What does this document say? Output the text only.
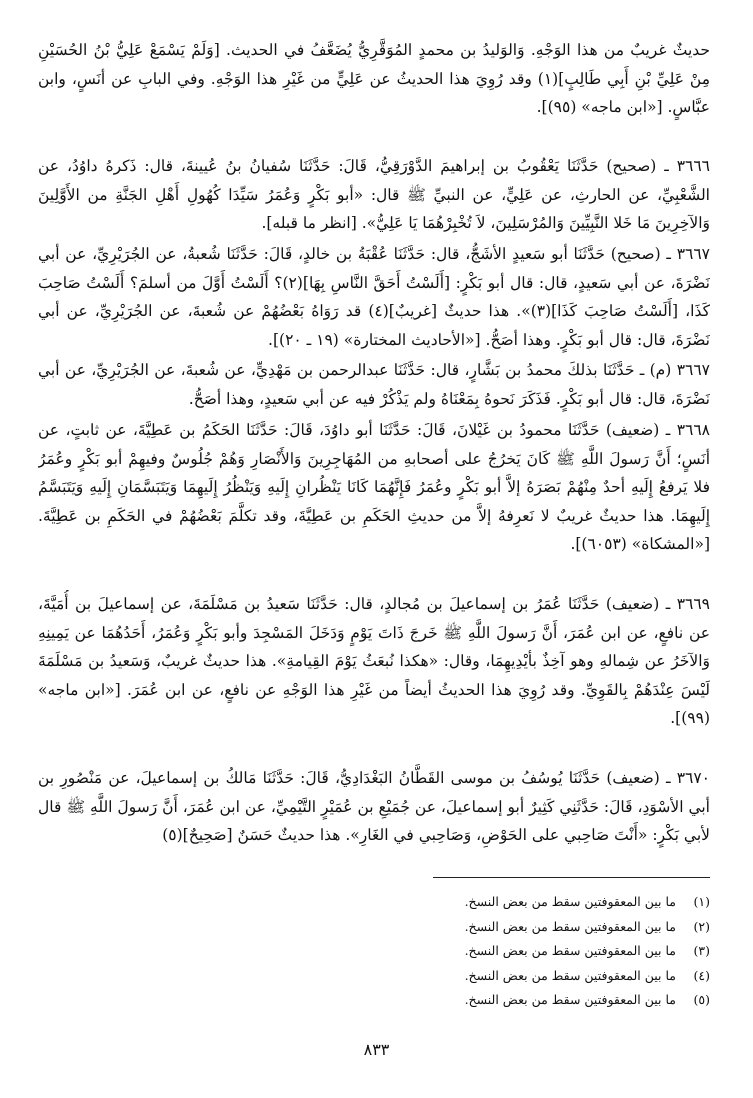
حديثٌ غريبٌ من هذا الوَجْهِ. وَالوَليدُ بن محمدٍ المُوَقَّرِيُّ يُضَعَّفُ في الحديث. [وَلَمْ يَسْمَعْ عَلِيُّ بْنُ الحُسَيْنِ مِنْ عَلِيِّ بْنِ أَبِي طَالِبٍ](١) وقد رُوِيَ هذا الحديثُ عن عَلِيٍّ من غَيْرِ هذا الوَجْهِ. وفي البابِ عن أنَسٍ، وابن عبَّاسٍ. [«ابن ماجه» (٩٥)].

٣٦٦٦ ـ (صحيح) حَدَّثَنَا يَعْقُوبُ بن إبراهيمَ الدَّوْرَقِيُّ، قَالَ: حَدَّثَنَا سُفيانُ بنُ عُيينةَ، قال: ذَكرهُ داوُدُ، عن الشَّعْبِيِّ، عن الحارثِ، عن عَلِيٍّ، عن النبيِّ ﷺ قال: «أبو بَكْرٍ وَعُمَرُ سَيِّدَا كُهُولِ أَهْلِ الجَنَّةِ من الأَوَّلِينَ وَالآخِرِينَ مَا خَلا النَّبِيِّينَ وَالمُرْسَلِينَ، لاَ تُخْبِرْهُمَا يَا عَلِيُّ». [انظر ما قبله].

٣٦٦٧ ـ (صحيح) حَدَّثَنَا أبو سَعيدٍ الأشَجُّ، قال: حَدَّثَنَا عُقْبَةُ بن خالدٍ، قَالَ: حَدَّثَنَا شُعبةُ، عن الجُرَيْرِيِّ، عن أبي نَضْرَةَ، عن أبي سَعيدٍ، قال: قال أبو بَكْرٍ: [أَلَسْتُ أَحَقَّ النَّاسِ بِهَا](٢)؟ أَلَسْتُ أَوَّلَ من أسلمَ؟ أَلَسْتُ صَاحِبَ كَذَا، [أَلَسْتُ صَاحِبَ كَذَا](٣)». هذا حديثٌ [غريبٌ](٤) قد رَوَاهُ بَعْضُهُمْ عن شُعبةَ، عن الجُرَيْرِيِّ، عن أبي نَضْرَةَ، قال: قال أبو بَكْرٍ. وهذا أصَحُّ. [«الأحاديث المختارة» (١٩ ـ ٢٠)].

٣٦٦٧ (م) ـ حَدَّثَنَا بذلكَ محمدُ بن بَشَّارٍ، قال: حَدَّثَنَا عبدالرحمن بن مَهْدِيٍّ، عن شُعبةَ، عن الجُرَيْرِيِّ، عن أبي نَضْرَةَ، قال: قال أبو بَكْرٍ. فَذَكَرَ نَحوهُ بِمَعْنَاهُ ولم يَذْكُرْ فيه عن أبي سَعيدٍ، وهذا أصَحُّ.

٣٦٦٨ ـ (ضعيف) حَدَّثَنَا محمودُ بن غَيْلانَ، قَالَ: حَدَّثَنَا أبو داوُدَ، قَالَ: حَدَّثَنَا الحَكَمُ بن عَطِيَّةَ، عن ثابتٍ، عن أنَسٍ؛ أَنَّ رَسولَ اللَّهِ ﷺ كَانَ يَخرُجُ على أصحابهِ من المُهَاجِرِينَ وَالأَنْصَارِ وَهُمْ جُلُوسٌ وفيهِمْ أبو بَكْرٍ وعُمَرُ فلا يَرفعُ إِلَيهِ أحدٌ مِنْهُمْ بَصَرَهُ إلاَّ أبو بَكْرٍ وعُمَرُ فَإِنَّهُمَا كَانَا يَنْظُرانِ إِلَيهِ وَيَنْظُرُ إِلَيهِمَا وَيَتَبَسَّمَانِ إِلَيهِ وَيَتَبَسَّمُ إِلَيهِمَا. هذا حديثٌ غريبٌ لا نَعرِفهُ إلاَّ من حديثِ الحَكَمِ بن عَطِيَّةَ، وقد تكلَّمَ بَعْضُهُمْ في الحَكَمِ بن عَطِيَّةَ. [«المشكاة» (٦٠٥٣)].

٣٦٦٩ ـ (ضعيف) حَدَّثَنَا عُمَرُ بن إسماعيلَ بن مُجالدٍ، قال: حَدَّثَنَا سَعيدُ بن مَسْلَمَةَ، عن إسماعيلَ بن أُمَيَّةَ، عن نافعٍ، عن ابن عُمَرَ، أَنَّ رَسولَ اللَّهِ ﷺ خَرجَ ذَاتَ يَوْمٍ وَدَخَلَ المَسْجِدَ وأبو بَكْرٍ وَعُمَرُ، أَحَدُهُمَا عن يَمِينِهِ وَالآخَرُ عن شِمالهِ وهو آخِذٌ بأيْدِيهِمَا، وقال: «هكذا نُبعَثُ يَوْمَ القِيامةِ». هذا حديثٌ غريبٌ، وَسَعيدُ بن مَسْلَمَةَ لَيْسَ عِنْدَهُمْ بِالقَوِيِّ. وقد رُوِيَ هذا الحديثُ أيضاً من غَيْرِ هذا الوَجْهِ عن نافعٍ، عن ابن عُمَرَ. [«ابن ماجه» (٩٩)].

٣٦٧٠ ـ (ضعيف) حَدَّثَنَا يُوسُفُ بن موسى القَطَّانُ البَغْدَادِيُّ، قَالَ: حَدَّثَنَا مَالكُ بن إسماعيلَ، عن مَنْصُورِ بن أبي الأسْوَدِ، قَالَ: حَدَّثَنِي كَثِيرٌ أبو إسماعيلَ، عن جُمَيْعِ بن عُمَيْرٍ التَّيْمِيِّ، عن ابن عُمَرَ، أَنَّ رَسولَ اللَّهِ ﷺ قال لأبي بَكْرٍ: «أَنْتَ صَاحِبي على الحَوْضِ، وَصَاحِبي في الغَارِ». هذا حديثٌ حَسَنٌ [صَحِيحٌ](٥)

(١)
ما بين المعقوفتين سقط من بعض النسخ.
(٢)
ما بين المعقوفتين سقط من بعض النسخ.
(٣)
ما بين المعقوفتين سقط من بعض النسخ.
(٤)
ما بين المعقوفتين سقط من بعض النسخ.
(٥)
ما بين المعقوفتين سقط من بعض النسخ.
٨٣٣
